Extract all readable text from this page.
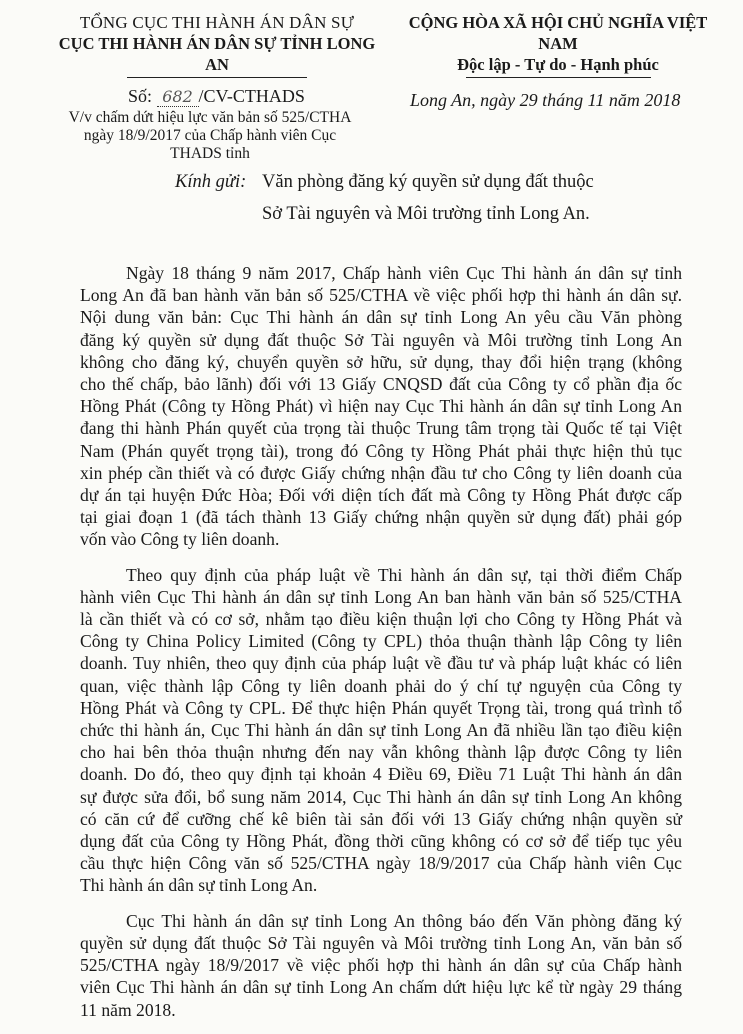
TỔNG CỤC THI HÀNH ÁN DÂN SỰ
CỤC THI HÀNH ÁN DÂN SỰ TỈNH LONG AN
CỘNG HÒA XÃ HỘI CHỦ NGHĨA VIỆT NAM
Độc lập - Tự do - Hạnh phúc
Số: 682 /CV-CTHADS
V/v chấm dứt hiệu lực văn bản số 525/CTHA
ngày 18/9/2017 của Chấp hành viên Cục THADS tỉnh
Long An, ngày 29 tháng 11 năm 2018
Kính gửi: Văn phòng đăng ký quyền sử dụng đất thuộc
Sở Tài nguyên và Môi trường tỉnh Long An.
Ngày 18 tháng 9 năm 2017, Chấp hành viên Cục Thi hành án dân sự tỉnh
Long An đã ban hành văn bản số 525/CTHA về việc phối hợp thi hành án dân sự.
Nội dung văn bản: Cục Thi hành án dân sự tỉnh Long An yêu cầu Văn phòng
đăng ký quyền sử dụng đất thuộc Sở Tài nguyên và Môi trường tỉnh Long An
không cho đăng ký, chuyển quyền sở hữu, sử dụng, thay đổi hiện trạng (không
cho thế chấp, bảo lãnh) đối với 13 Giấy CNQSD đất của Công ty cổ phần địa ốc
Hồng Phát (Công ty Hồng Phát) vì hiện nay Cục Thi hành án dân sự tỉnh Long An
đang thi hành Phán quyết của trọng tài thuộc Trung tâm trọng tài Quốc tế tại Việt
Nam (Phán quyết trọng tài), trong đó Công ty Hồng Phát phải thực hiện thủ tục
xin phép cần thiết và có được Giấy chứng nhận đầu tư cho Công ty liên doanh của
dự án tại huyện Đức Hòa; Đối với diện tích đất mà Công ty Hồng Phát được cấp
tại giai đoạn 1 (đã tách thành 13 Giấy chứng nhận quyền sử dụng đất) phải góp
vốn vào Công ty liên doanh.
Theo quy định của pháp luật về Thi hành án dân sự, tại thời điểm Chấp
hành viên Cục Thi hành án dân sự tỉnh Long An ban hành văn bản số 525/CTHA
là cần thiết và có cơ sở, nhằm tạo điều kiện thuận lợi cho Công ty Hồng Phát và
Công ty China Policy Limited (Công ty CPL) thỏa thuận thành lập Công ty liên
doanh. Tuy nhiên, theo quy định của pháp luật về đầu tư và pháp luật khác có liên
quan, việc thành lập Công ty liên doanh phải do ý chí tự nguyện của Công ty
Hồng Phát và Công ty CPL. Để thực hiện Phán quyết Trọng tài, trong quá trình tổ
chức thi hành án, Cục Thi hành án dân sự tỉnh Long An đã nhiều lần tạo điều kiện
cho hai bên thỏa thuận nhưng đến nay vẫn không thành lập được Công ty liên
doanh. Do đó, theo quy định tại khoản 4 Điều 69, Điều 71 Luật Thi hành án dân
sự được sửa đổi, bổ sung năm 2014, Cục Thi hành án dân sự tỉnh Long An không
có căn cứ để cưỡng chế kê biên tài sản đối với 13 Giấy chứng nhận quyền sử
dụng đất của Công ty Hồng Phát, đồng thời cũng không có cơ sở để tiếp tục yêu
cầu thực hiện Công văn số 525/CTHA ngày 18/9/2017 của Chấp hành viên Cục
Thi hành án dân sự tỉnh Long An.
Cục Thi hành án dân sự tỉnh Long An thông báo đến Văn phòng đăng ký
quyền sử dụng đất thuộc Sở Tài nguyên và Môi trường tỉnh Long An, văn bản số
525/CTHA ngày 18/9/2017 về việc phối hợp thi hành án dân sự của Chấp hành
viên Cục Thi hành án dân sự tỉnh Long An chấm dứt hiệu lực kể từ ngày 29 tháng
11 năm 2018.
